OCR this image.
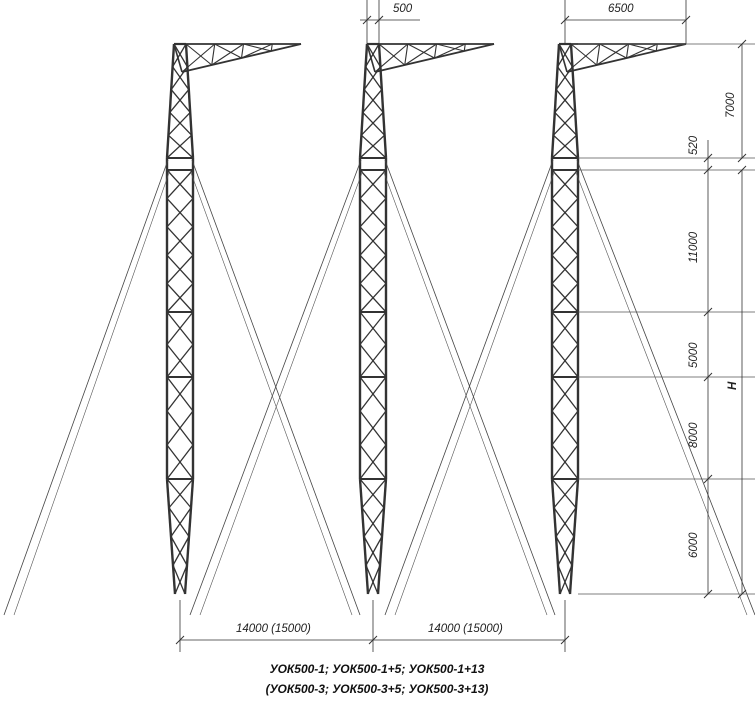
500	6500
7000
520
11000
5000
8000
6000
H
14000 (15000)	14000 (15000)
УОК500-1; УОК500-1+5; УОК500-1+13
(УОК500-3; УОК500-3+5; УОК500-3+13)
